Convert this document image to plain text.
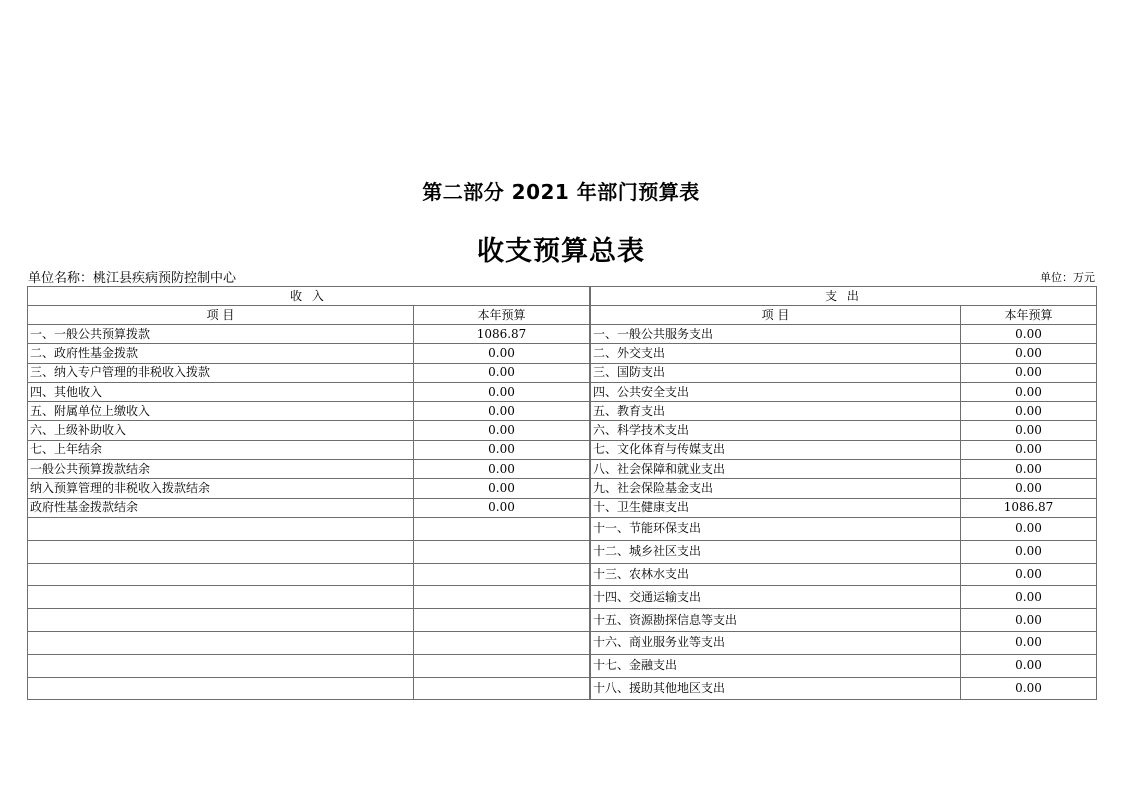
第二部分 2021 年部门预算表
收支预算总表
单位名称：桃江县疾病预防控制中心	单位：万元
收 入	
项 目	本年预算
一、一般公共预算拨款	1086.87
二、政府性基金拨款	0.00
三、纳入专户管理的非税收入拨款	0.00
四、其他收入	0.00
五、附属单位上缴收入	0.00
六、上级补助收入	0.00
七、上年结余	0.00
一般公共预算拨款结余	0.00
纳入预算管理的非税收入拨款结余	0.00
政府性基金拨款结余	0.00

支 出	
项 目	本年预算
一、一般公共服务支出	0.00
二、外交支出	0.00
三、国防支出	0.00
四、公共安全支出	0.00
五、教育支出	0.00
六、科学技术支出	0.00
七、文化体育与传媒支出	0.00
八、社会保障和就业支出	0.00
九、社会保险基金支出	0.00
十、卫生健康支出	1086.87
十一、节能环保支出	0.00
十二、城乡社区支出	0.00
十三、农林水支出	0.00
十四、交通运输支出	0.00
十五、资源勘探信息等支出	0.00
十六、商业服务业等支出	0.00
十七、金融支出	0.00
十八、援助其他地区支出	0.00
